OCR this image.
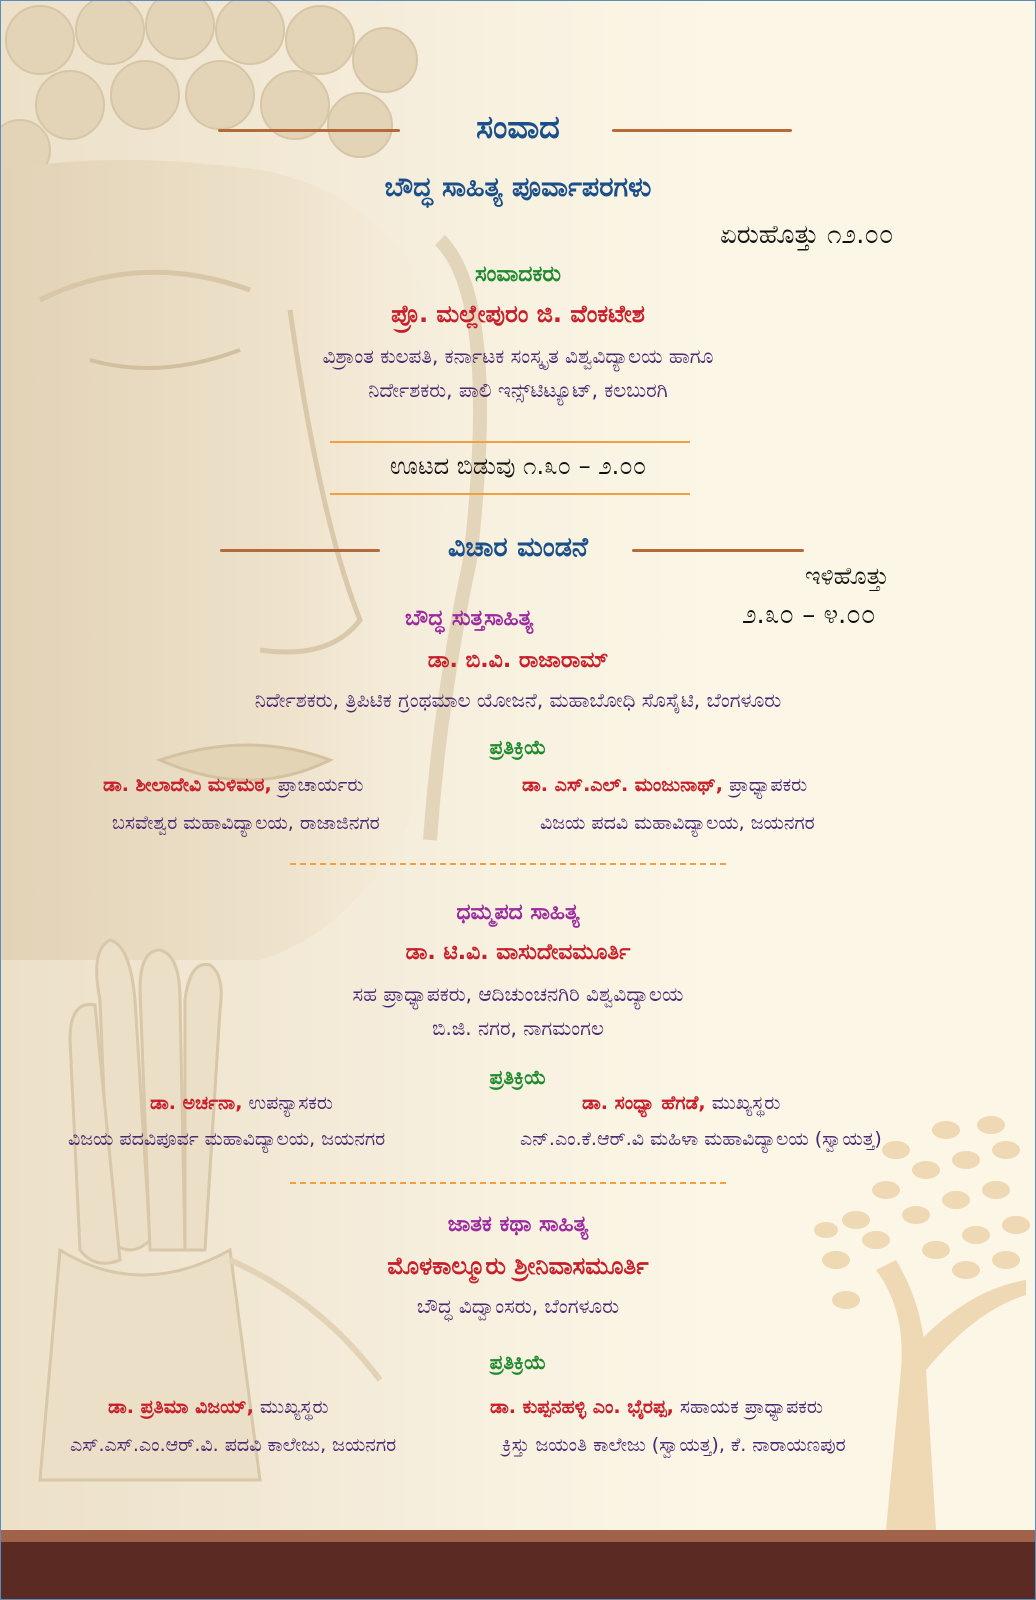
ಸಂವಾದ
ಬೌದ್ಧ ಸಾಹಿತ್ಯ ಪೂರ್ವಾಪರಗಳು
ಏರುಹೊತ್ತು ೧೨.೦೦
ಸಂವಾದಕರು
ಪ್ರೊ. ಮಲ್ಲೇಪುರಂ ಜಿ. ವೆಂಕಟೇಶ
ವಿಶ್ರಾಂತ ಕುಲಪತಿ, ಕರ್ನಾಟಕ ಸಂಸ್ಕೃತ ವಿಶ್ವವಿದ್ಯಾಲಯ ಹಾಗೂ
ನಿರ್ದೇಶಕರು, ಪಾಲಿ ಇನ್ಸ್‌ಟಿಟ್ಯೂಟ್, ಕಲಬುರಗಿ
ಊಟದ ಬಿಡುವು ೧.೩೦ – ೨.೦೦
ವಿಚಾರ ಮಂಡನೆ
ಇಳಿಹೊತ್ತು
೨.೩೦ – ೪.೦೦
ಬೌದ್ಧ ಸುತ್ತಸಾಹಿತ್ಯ
ಡಾ. ಬಿ.ವಿ. ರಾಜಾರಾಮ್
ನಿರ್ದೇಶಕರು, ತ್ರಿಪಿಟಿಕ ಗ್ರಂಥಮಾಲ ಯೋಜನೆ, ಮಹಾಬೋಧಿ ಸೊಸೈಟಿ, ಬೆಂಗಳೂರು
ಪ್ರತಿಕ್ರಿಯೆ
ಡಾ. ಶೀಲಾದೇವಿ ಮಳಿಮಠ, ಪ್ರಾಚಾರ್ಯರು
ಬಸವೇಶ್ವರ ಮಹಾವಿದ್ಯಾಲಯ, ರಾಜಾಜಿನಗರ
ಡಾ. ಎಸ್.ಎಲ್. ಮಂಜುನಾಥ್, ಪ್ರಾಧ್ಯಾಪಕರು
ವಿಜಯ ಪದವಿ ಮಹಾವಿದ್ಯಾಲಯ, ಜಯನಗರ
ಧಮ್ಮಪದ ಸಾಹಿತ್ಯ
ಡಾ. ಟಿ.ವಿ. ವಾಸುದೇವಮೂರ್ತಿ
ಸಹ ಪ್ರಾಧ್ಯಾಪಕರು, ಆದಿಚುಂಚನಗಿರಿ ವಿಶ್ವವಿದ್ಯಾಲಯ
ಬಿ.ಜಿ. ನಗರ, ನಾಗಮಂಗಲ
ಪ್ರತಿಕ್ರಿಯೆ
ಡಾ. ಅರ್ಚನಾ, ಉಪನ್ಯಾಸಕರು
ವಿಜಯ ಪದವಿಪೂರ್ವ ಮಹಾವಿದ್ಯಾಲಯ, ಜಯನಗರ
ಡಾ. ಸಂಧ್ಯಾ ಹೆಗಡೆ, ಮುಖ್ಯಸ್ಥರು
ಎನ್.ಎಂ.ಕೆ.ಆರ್.ವಿ ಮಹಿಳಾ ಮಹಾವಿದ್ಯಾಲಯ (ಸ್ವಾಯತ್ತ)
ಜಾತಕ ಕಥಾ ಸಾಹಿತ್ಯ
ಮೊಳಕಾಲ್ಮೂರು ಶ್ರೀನಿವಾಸಮೂರ್ತಿ
ಬೌದ್ಧ ವಿದ್ವಾಂಸರು, ಬೆಂಗಳೂರು
ಪ್ರತಿಕ್ರಿಯೆ
ಡಾ. ಪ್ರತಿಮಾ ವಿಜಯ್, ಮುಖ್ಯಸ್ಥರು
ಎಸ್.ಎಸ್.ಎಂ.ಆರ್.ವಿ. ಪದವಿ ಕಾಲೇಜು, ಜಯನಗರ
ಡಾ. ಕುಪ್ಪನಹಳ್ಳಿ ಎಂ. ಭೈರಪ್ಪ, ಸಹಾಯಕ ಪ್ರಾಧ್ಯಾಪಕರು
ಕ್ರಿಸ್ತು ಜಯಂತಿ ಕಾಲೇಜು (ಸ್ವಾಯತ್ತ), ಕೆ. ನಾರಾಯಣಪುರ
